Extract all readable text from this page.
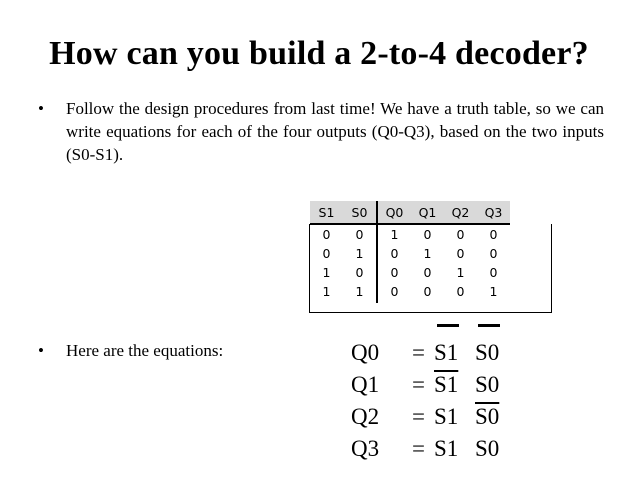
How can you build a 2-to-4 decoder?
• Follow the design procedures from last time! We have a truth table, so we can write equations for each of the four outputs (Q0-Q3), based on the two inputs (S0-S1).
S1	S0	Q0	Q1	Q2	Q3
0	0	1	0	0	0
0	1	0	1	0	0
1	0	0	0	1	0
1	1	0	0	0	1
• Here are the equations:	Q0 = S1 S0
Q1 = S1 S0
Q2 = S1 S0
Q3 = S1 S0
